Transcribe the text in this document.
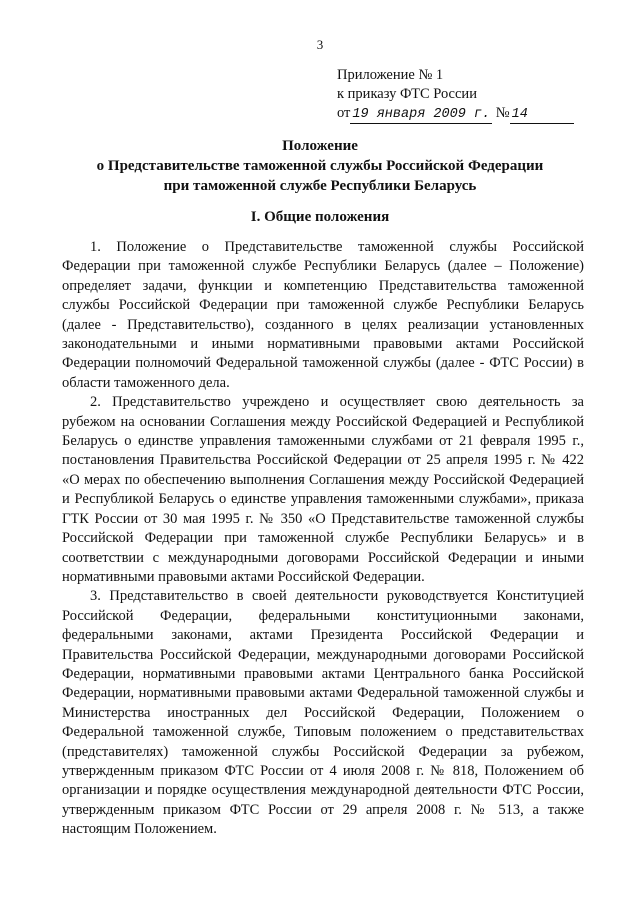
3
Приложение № 1
к приказу ФТС России
от 19 января 2009 г. № 14
Положение
о Представительстве таможенной службы Российской Федерации
при таможенной службе Республики Беларусь
I. Общие положения

1. Положение о Представительстве таможенной службы Российской Федерации при таможенной службе Республики Беларусь (далее – Положение) определяет задачи, функции и компетенцию Представительства таможенной службы Российской Федерации при таможенной службе Республики Беларусь (далее - Представительство), созданного в целях реализации установленных законодательными и иными нормативными правовыми актами Российской Федерации полномочий Федеральной таможенной службы (далее - ФТС России) в области таможенного дела.

2. Представительство учреждено и осуществляет свою деятельность за рубежом на основании Соглашения между Российской Федерацией и Республикой Беларусь о единстве управления таможенными службами от 21 февраля 1995 г., постановления Правительства Российской Федерации от 25 апреля 1995 г. № 422 «О мерах по обеспечению выполнения Соглашения между Российской Федерацией и Республикой Беларусь о единстве управления таможенными службами», приказа ГТК России от 30 мая 1995 г. № 350 «О Представительстве таможенной службы Российской Федерации при таможенной службе Республики Беларусь» и в соответствии с международными договорами Российской Федерации и иными нормативными правовыми актами Российской Федерации.

3. Представительство в своей деятельности руководствуется Конституцией Российской Федерации, федеральными конституционными законами, федеральными законами, актами Президента Российской Федерации и Правительства Российской Федерации, международными договорами Российской Федерации, нормативными правовыми актами Центрального банка Российской Федерации, нормативными правовыми актами Федеральной таможенной службы и Министерства иностранных дел Российской Федерации, Положением о Федеральной таможенной службе, Типовым положением о представительствах (представителях) таможенной службы Российской Федерации за рубежом, утвержденным приказом ФТС России от 4 июля 2008 г. № 818, Положением об организации и порядке осуществления международной деятельности ФТС России, утвержденным приказом ФТС России от 29 апреля 2008 г. № 513, а также настоящим Положением.
